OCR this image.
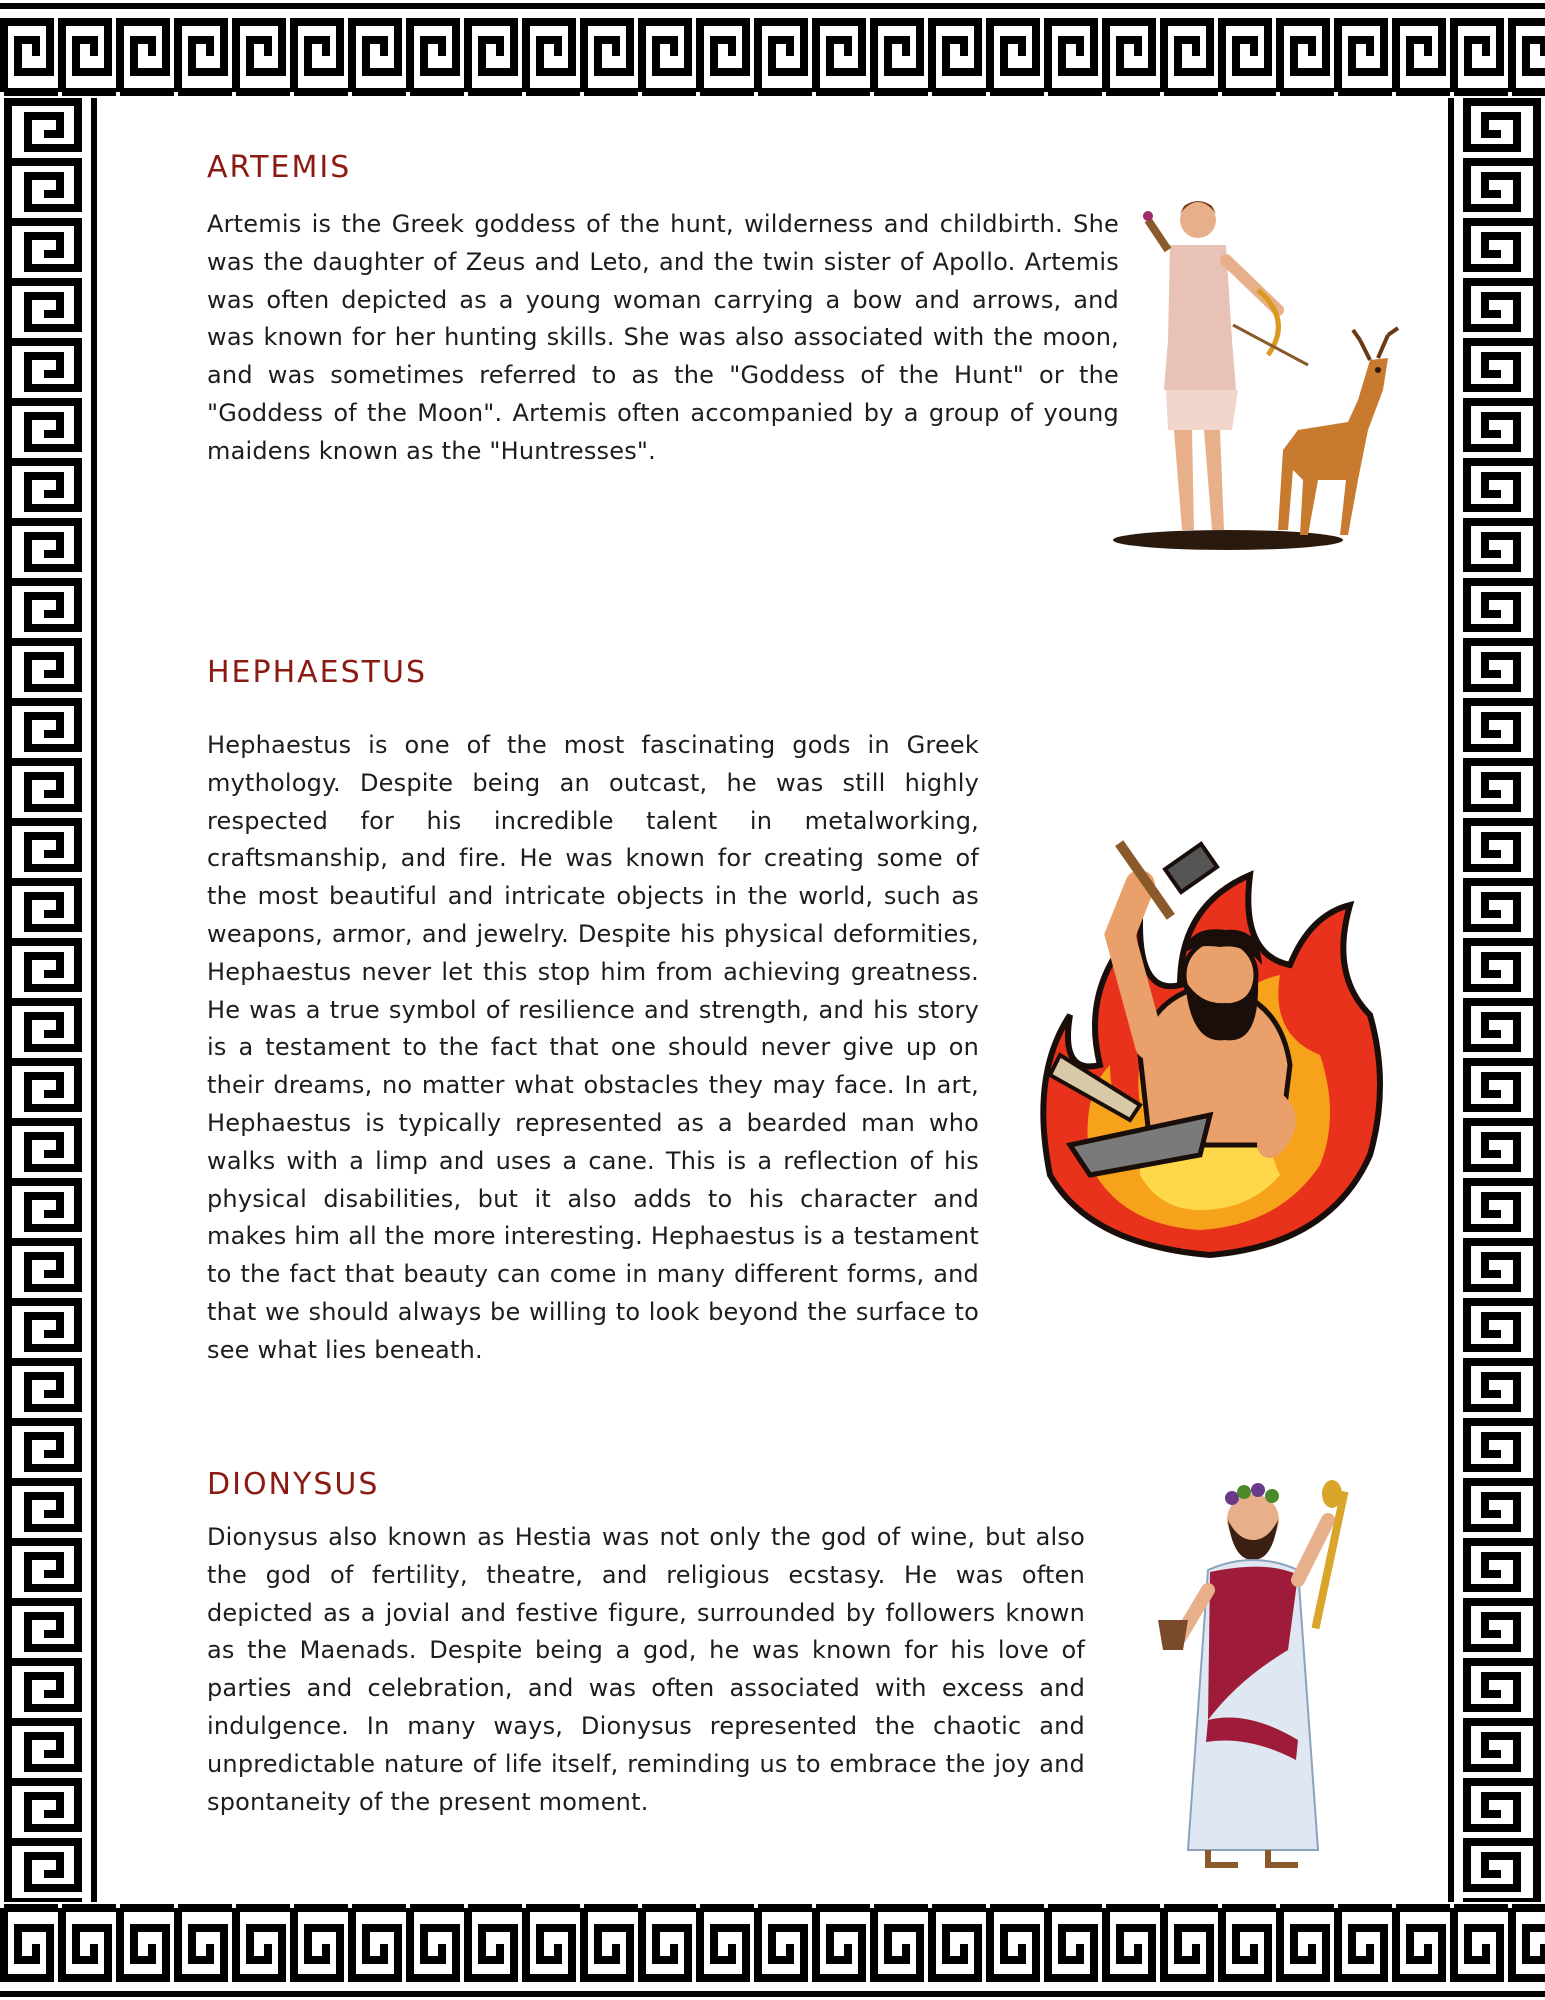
ARTEMIS

Artemis is the Greek goddess of the hunt, wilderness and childbirth. She was the daughter of Zeus and Leto, and the twin sister of Apollo. Artemis was often depicted as a young woman carrying a bow and arrows, and was known for her hunting skills. She was also associated with the moon, and was sometimes referred to as the "Goddess of the Hunt" or the "Goddess of the Moon". Artemis often accompanied by a group of young maidens known as the "Huntresses".

HEPHAESTUS

Hephaestus is one of the most fascinating gods in Greek mythology. Despite being an outcast, he was still highly respected for his incredible talent in metalworking, craftsmanship, and fire. He was known for creating some of the most beautiful and intricate objects in the world, such as weapons, armor, and jewelry. Despite his physical deformities, Hephaestus never let this stop him from achieving greatness. He was a true symbol of resilience and strength, and his story is a testament to the fact that one should never give up on their dreams, no matter what obstacles they may face. In art, Hephaestus is typically represented as a bearded man who walks with a limp and uses a cane. This is a reflection of his physical disabilities, but it also adds to his character and makes him all the more interesting. Hephaestus is a testament to the fact that beauty can come in many different forms, and that we should always be willing to look beyond the surface to see what lies beneath.

DIONYSUS

Dionysus also known as Hestia was not only the god of wine, but also the god of fertility, theatre, and religious ecstasy. He was often depicted as a jovial and festive figure, surrounded by followers known as the Maenads. Despite being a god, he was known for his love of parties and celebration, and was often associated with excess and indulgence. In many ways, Dionysus represented the chaotic and unpredictable nature of life itself, reminding us to embrace the joy and spontaneity of the present moment.
